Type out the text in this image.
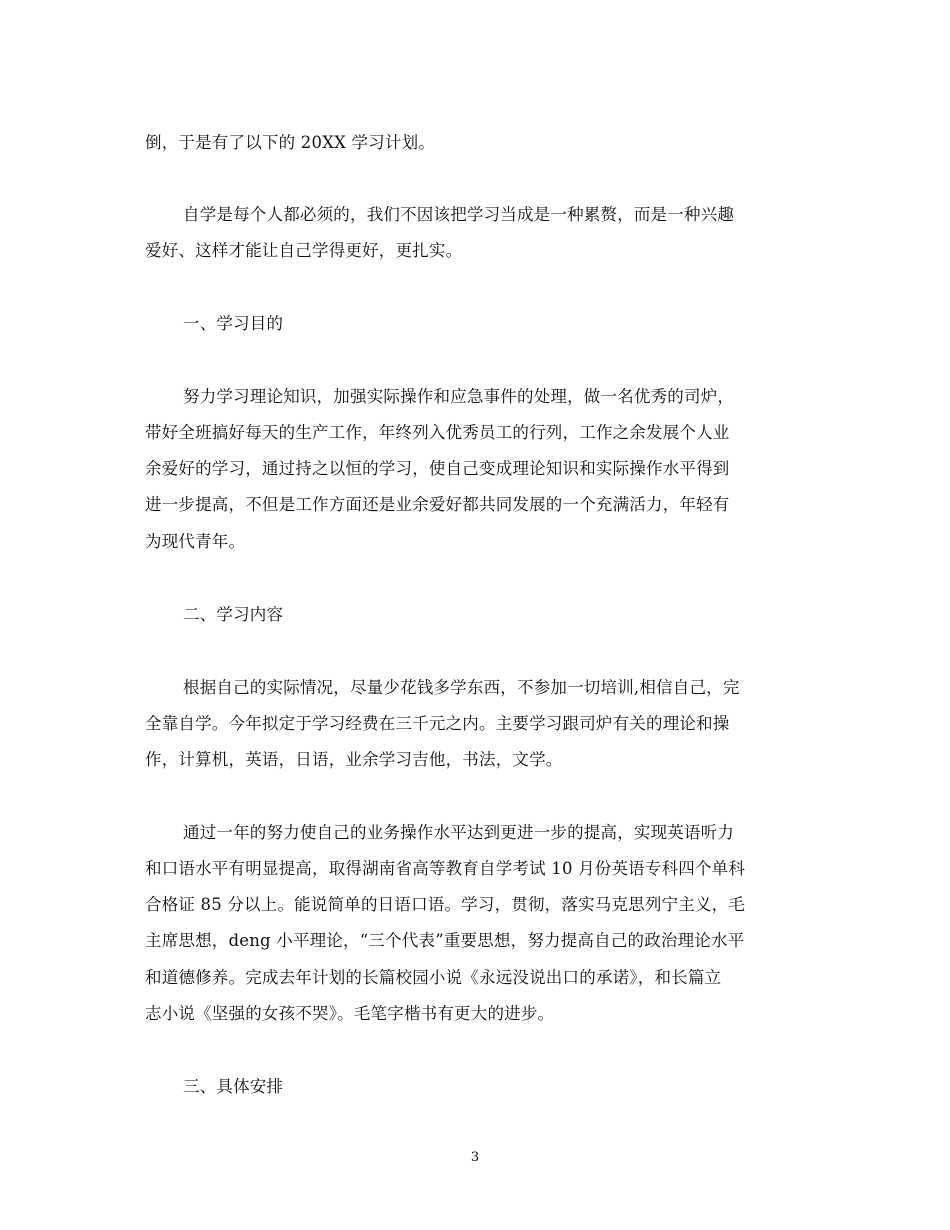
倒，于是有了以下的 20XX 学习计划。
自学是每个人都必须的，我们不因该把学习当成是一种累赘，而是一种兴趣
爱好、这样才能让自己学得更好，更扎实。
一、学习目的
努力学习理论知识，加强实际操作和应急事件的处理，做一名优秀的司炉，
带好全班搞好每天的生产工作，年终列入优秀员工的行列，工作之余发展个人业
余爱好的学习，通过持之以恒的学习，使自己变成理论知识和实际操作水平得到
进一步提高，不但是工作方面还是业余爱好都共同发展的一个充满活力，年轻有
为现代青年。
二、学习内容
根据自己的实际情况，尽量少花钱多学东西，不参加一切培训,相信自己，完
全靠自学。今年拟定于学习经费在三千元之内。主要学习跟司炉有关的理论和操
作，计算机，英语，日语，业余学习吉他，书法，文学。
通过一年的努力使自己的业务操作水平达到更进一步的提高，实现英语听力
和口语水平有明显提高，取得湖南省高等教育自学考试 10 月份英语专科四个单科
合格证 85 分以上。能说简单的日语口语。学习，贯彻，落实马克思列宁主义，毛
主席思想，deng 小平理论，“三个代表”重要思想，努力提高自己的政治理论水平
和道德修养。完成去年计划的长篇校园小说《永远没说出口的承诺》，和长篇立
志小说《坚强的女孩不哭》。毛笔字楷书有更大的进步。
三、具体安排
3
